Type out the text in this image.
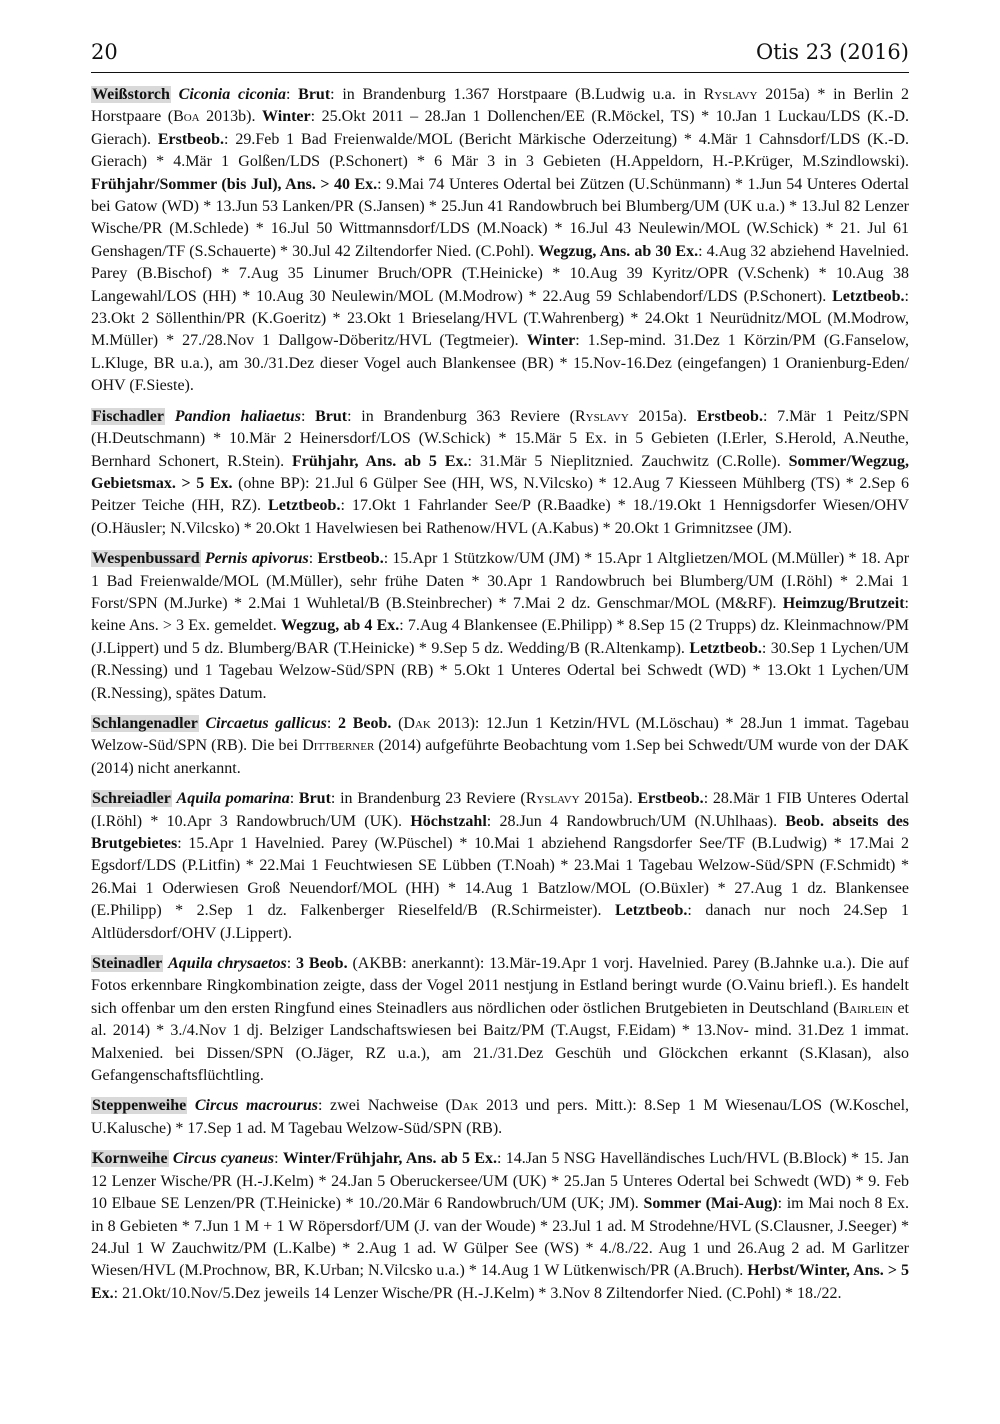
20	Otis 23 (2016)

Weißstorch Ciconia ciconia: Brut: in Brandenburg 1.367 Horstpaare (B.Ludwig u.a. in Ryslavy 2015a) * in Berlin 2 Horstpaare (Boa 2013b). Winter: 25.Okt 2011 – 28.Jan 1 Dollenchen/EE (R.Möckel, TS) * 10.Jan 1 Luckau/LDS (K.-D. Gierach). Erstbeob.: 29.Feb 1 Bad Freienwalde/MOL (Bericht Märkische Oderzeitung) * 4.Mär 1 Cahnsdorf/LDS (K.-D. Gierach) * 4.Mär 1 Golßen/LDS (P.Schonert) * 6 Mär 3 in 3 Gebieten (H.Appeldorn, H.-P.Krüger, M.Szindlowski). Frühjahr/Sommer (bis Jul), Ans. > 40 Ex.: 9.Mai 74 Unteres Odertal bei Zützen (U.Schünmann) * 1.Jun 54 Unteres Odertal bei Gatow (WD) * 13.Jun 53 Lanken/PR (S.Jansen) * 25.Jun 41 Randowbruch bei Blumberg/UM (UK u.a.) * 13.Jul 82 Lenzer Wische/PR (M.Schlede) * 16.Jul 50 Wittmannsdorf/LDS (M.Noack) * 16.Jul 43 Neulewin/MOL (W.Schick) * 21. Jul 61 Genshagen/TF (S.Schauerte) * 30.Jul 42 Ziltendorfer Nied. (C.Pohl). Wegzug, Ans. ab 30 Ex.: 4.Aug 32 abziehend Havelnied. Parey (B.Bischof) * 7.Aug 35 Linumer Bruch/OPR (T.Heinicke) * 10.Aug 39 Kyritz/OPR (V.Schenk) * 10.Aug 38 Langewahl/LOS (HH) * 10.Aug 30 Neulewin/MOL (M.Modrow) * 22.Aug 59 Schlabendorf/LDS (P.Schonert). Letztbeob.: 23.Okt 2 Söllenthin/PR (K.Goeritz) * 23.Okt 1 Brieselang/HVL (T.Wahrenberg) * 24.Okt 1 Neurüdnitz/MOL (M.Modrow, M.Müller) * 27./28.Nov 1 Dallgow-Döberitz/HVL (Tegtmeier). Winter: 1.Sep-mind. 31.Dez 1 Körzin/PM (G.Fanselow, L.Kluge, BR u.a.), am 30./31.Dez dieser Vogel auch Blankensee (BR) * 15.Nov-16.Dez (eingefangen) 1 Oranienburg-Eden/ OHV (F.Sieste).

Fischadler Pandion haliaetus: Brut: in Brandenburg 363 Reviere (Ryslavy 2015a). Erstbeob.: 7.Mär 1 Peitz/SPN (H.Deutschmann) * 10.Mär 2 Heinersdorf/LOS (W.Schick) * 15.Mär 5 Ex. in 5 Gebieten (I.Erler, S.Herold, A.Neuthe, Bernhard Schonert, R.Stein). Frühjahr, Ans. ab 5 Ex.: 31.Mär 5 Nieplitznied. Zauchwitz (C.Rolle). Sommer/Wegzug, Gebietsmax. > 5 Ex. (ohne BP): 21.Jul 6 Gülper See (HH, WS, N.Vilcsko) * 12.Aug 7 Kiesseen Mühlberg (TS) * 2.Sep 6 Peitzer Teiche (HH, RZ). Letztbeob.: 17.Okt 1 Fahrlander See/P (R.Baadke) * 18./19.Okt 1 Hennigsdorfer Wiesen/OHV (O.Häusler; N.Vilcsko) * 20.Okt 1 Havelwiesen bei Rathenow/HVL (A.Kabus) * 20.Okt 1 Grimnitzsee (JM).

Wespenbussard Pernis apivorus: Erstbeob.: 15.Apr 1 Stützkow/UM (JM) * 15.Apr 1 Altglietzen/MOL (M.Müller) * 18. Apr 1 Bad Freienwalde/MOL (M.Müller), sehr frühe Daten * 30.Apr 1 Randowbruch bei Blumberg/UM (I.Röhl) * 2.Mai 1 Forst/SPN (M.Jurke) * 2.Mai 1 Wuhletal/B (B.Steinbrecher) * 7.Mai 2 dz. Genschmar/MOL (M&RF). Heimzug/Brutzeit: keine Ans. > 3 Ex. gemeldet. Wegzug, ab 4 Ex.: 7.Aug 4 Blankensee (E.Philipp) * 8.Sep 15 (2 Trupps) dz. Kleinmachnow/PM (J.Lippert) und 5 dz. Blumberg/BAR (T.Heinicke) * 9.Sep 5 dz. Wedding/B (R.Altenkamp). Letztbeob.: 30.Sep 1 Lychen/UM (R.Nessing) und 1 Tagebau Welzow-Süd/SPN (RB) * 5.Okt 1 Unteres Odertal bei Schwedt (WD) * 13.Okt 1 Lychen/UM (R.Nessing), spätes Datum.

Schlangenadler Circaetus gallicus: 2 Beob. (Dak 2013): 12.Jun 1 Ketzin/HVL (M.Löschau) * 28.Jun 1 immat. Tagebau Welzow-Süd/SPN (RB). Die bei Dittberner (2014) aufgeführte Beobachtung vom 1.Sep bei Schwedt/UM wurde von der DAK (2014) nicht anerkannt.

Schreiadler Aquila pomarina: Brut: in Brandenburg 23 Reviere (Ryslavy 2015a). Erstbeob.: 28.Mär 1 FIB Unteres Odertal (I.Röhl) * 10.Apr 3 Randowbruch/UM (UK). Höchstzahl: 28.Jun 4 Randowbruch/UM (N.Uhlhaas). Beob. abseits des Brutgebietes: 15.Apr 1 Havelnied. Parey (W.Püschel) * 10.Mai 1 abziehend Rangsdorfer See/TF (B.Ludwig) * 17.Mai 2 Egsdorf/LDS (P.Litfin) * 22.Mai 1 Feuchtwiesen SE Lübben (T.Noah) * 23.Mai 1 Tagebau Welzow-Süd/SPN (F.Schmidt) * 26.Mai 1 Oderwiesen Groß Neuendorf/MOL (HH) * 14.Aug 1 Batzlow/MOL (O.Büxler) * 27.Aug 1 dz. Blankensee (E.Philipp) * 2.Sep 1 dz. Falkenberger Rieselfeld/B (R.Schirmeister). Letztbeob.: danach nur noch 24.Sep 1 Altlüdersdorf/OHV (J.Lippert).

Steinadler Aquila chrysaetos: 3 Beob. (AKBB: anerkannt): 13.Mär-19.Apr 1 vorj. Havelnied. Parey (B.Jahnke u.a.). Die auf Fotos erkennbare Ringkombination zeigte, dass der Vogel 2011 nestjung in Estland beringt wurde (O.Vainu briefl.). Es handelt sich offenbar um den ersten Ringfund eines Steinadlers aus nördlichen oder östlichen Brutgebieten in Deutschland (Bairlein et al. 2014) * 3./4.Nov 1 dj. Belziger Landschaftswiesen bei Baitz/PM (T.Augst, F.Eidam) * 13.Nov- mind. 31.Dez 1 immat. Malxenied. bei Dissen/SPN (O.Jäger, RZ u.a.), am 21./31.Dez Geschüh und Glöckchen erkannt (S.Klasan), also Gefangenschaftsflüchtling.

Steppenweihe Circus macrourus: zwei Nachweise (Dak 2013 und pers. Mitt.): 8.Sep 1 M Wiesenau/LOS (W.Koschel, U.Kalusche) * 17.Sep 1 ad. M Tagebau Welzow-Süd/SPN (RB).

Kornweihe Circus cyaneus: Winter/Frühjahr, Ans. ab 5 Ex.: 14.Jan 5 NSG Havelländisches Luch/HVL (B.Block) * 15. Jan 12 Lenzer Wische/PR (H.-J.Kelm) * 24.Jan 5 Oberuckersee/UM (UK) * 25.Jan 5 Unteres Odertal bei Schwedt (WD) * 9. Feb 10 Elbaue SE Lenzen/PR (T.Heinicke) * 10./20.Mär 6 Randowbruch/UM (UK; JM). Sommer (Mai-Aug): im Mai noch 8 Ex. in 8 Gebieten * 7.Jun 1 M + 1 W Röpersdorf/UM (J. van der Woude) * 23.Jul 1 ad. M Strodehne/HVL (S.Clausner, J.Seeger) * 24.Jul 1 W Zauchwitz/PM (L.Kalbe) * 2.Aug 1 ad. W Gülper See (WS) * 4./8./22. Aug 1 und 26.Aug 2 ad. M Garlitzer Wiesen/HVL (M.Prochnow, BR, K.Urban; N.Vilcsko u.a.) * 14.Aug 1 W Lütkenwisch/PR (A.Bruch). Herbst/Winter, Ans. > 5 Ex.: 21.Okt/10.Nov/5.Dez jeweils 14 Lenzer Wische/PR (H.-J.Kelm) * 3.Nov 8 Ziltendorfer Nied. (C.Pohl) * 18./22.
